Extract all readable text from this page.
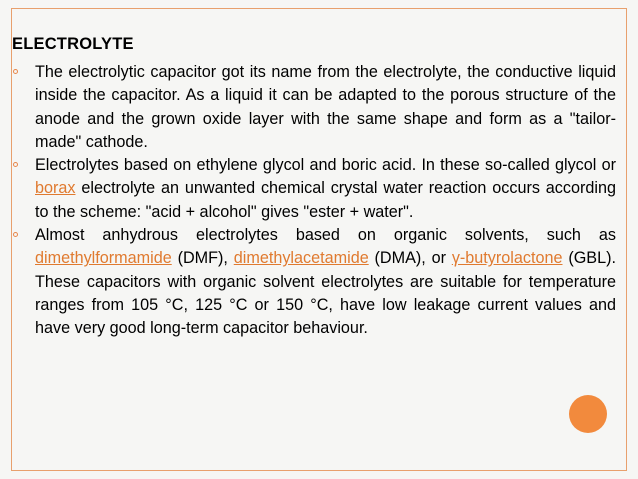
ELECTROLYTE
The electrolytic capacitor got its name from the electrolyte, the conductive liquid inside the capacitor. As a liquid it can be adapted to the porous structure of the anode and the grown oxide layer with the same shape and form as a "tailor-made" cathode.
Electrolytes based on ethylene glycol and boric acid. In these so-called glycol or borax electrolyte an unwanted chemical crystal water reaction occurs according to the scheme: "acid + alcohol" gives "ester + water".
Almost anhydrous electrolytes based on organic solvents, such as dimethylformamide (DMF), dimethylacetamide (DMA), or γ-butyrolactone (GBL). These capacitors with organic solvent electrolytes are suitable for temperature ranges from 105 °C, 125 °C or 150 °C, have low leakage current values and have very good long-term capacitor behaviour.
